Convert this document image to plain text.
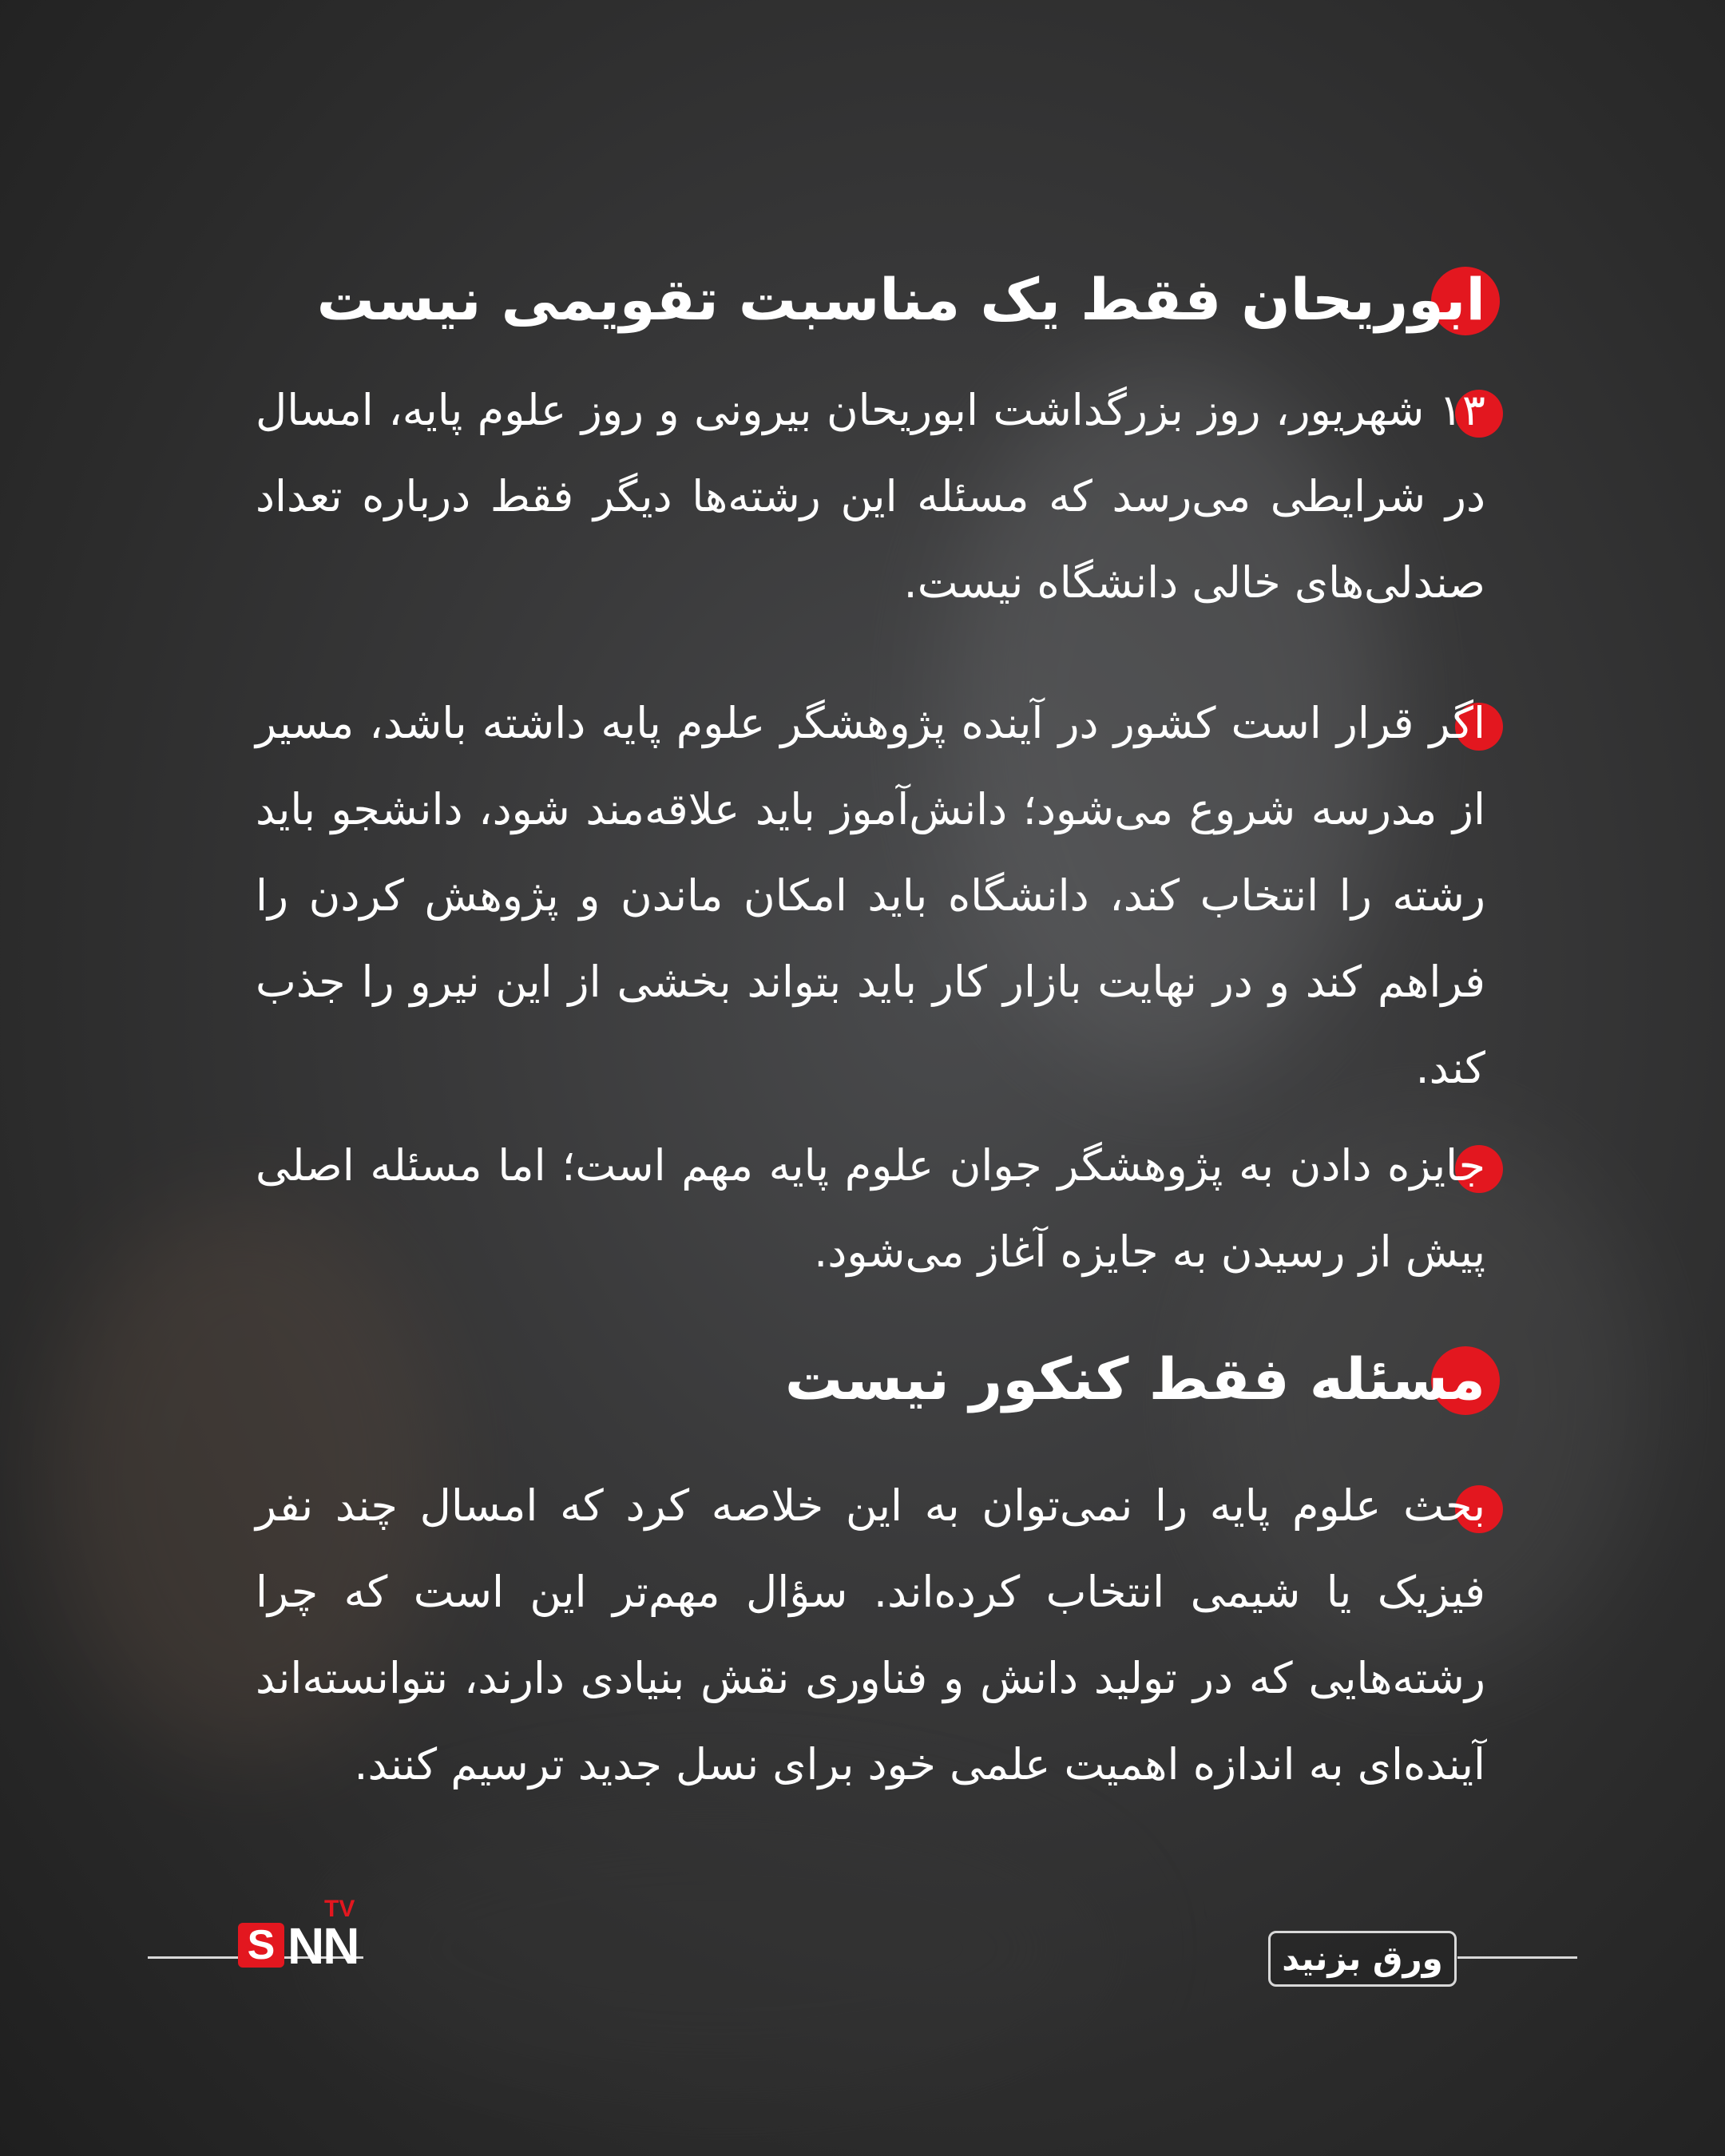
ابوریحان فقط یک مناسبت تقویمی نیست

۱۳ شهریور، روز بزرگداشت ابوریحان بیرونی و روز علوم پایه، امسال در شرایطی می‌رسد که مسئله این رشته‌ها دیگر فقط درباره تعداد صندلی‌های خالی دانشگاه نیست.

اگر قرار است کشور در آینده پژوهشگر علوم پایه داشته باشد، مسیر از مدرسه شروع می‌شود؛ دانش‌آموز باید علاقه‌مند شود، دانشجو باید رشته را انتخاب کند، دانشگاه باید امکان ماندن و پژوهش کردن را فراهم کند و در نهایت بازار کار باید بتواند بخشی از این نیرو را جذب کند.

جایزه دادن به پژوهشگر جوان علوم پایه مهم است؛ اما مسئله اصلی پیش از رسیدن به جایزه آغاز می‌شود.

مسئله فقط کنکور نیست

بحث علوم پایه را نمی‌توان به این خلاصه کرد که امسال چند نفر فیزیک یا شیمی انتخاب کرده‌اند. سؤال مهم‌تر این است که چرا رشته‌هایی که در تولید دانش و فناوری نقش بنیادی دارند، نتوانسته‌اند آینده‌ای به اندازه اهمیت علمی خود برای نسل جدید ترسیم کنند.

S NN
TV
ورق بزنید
